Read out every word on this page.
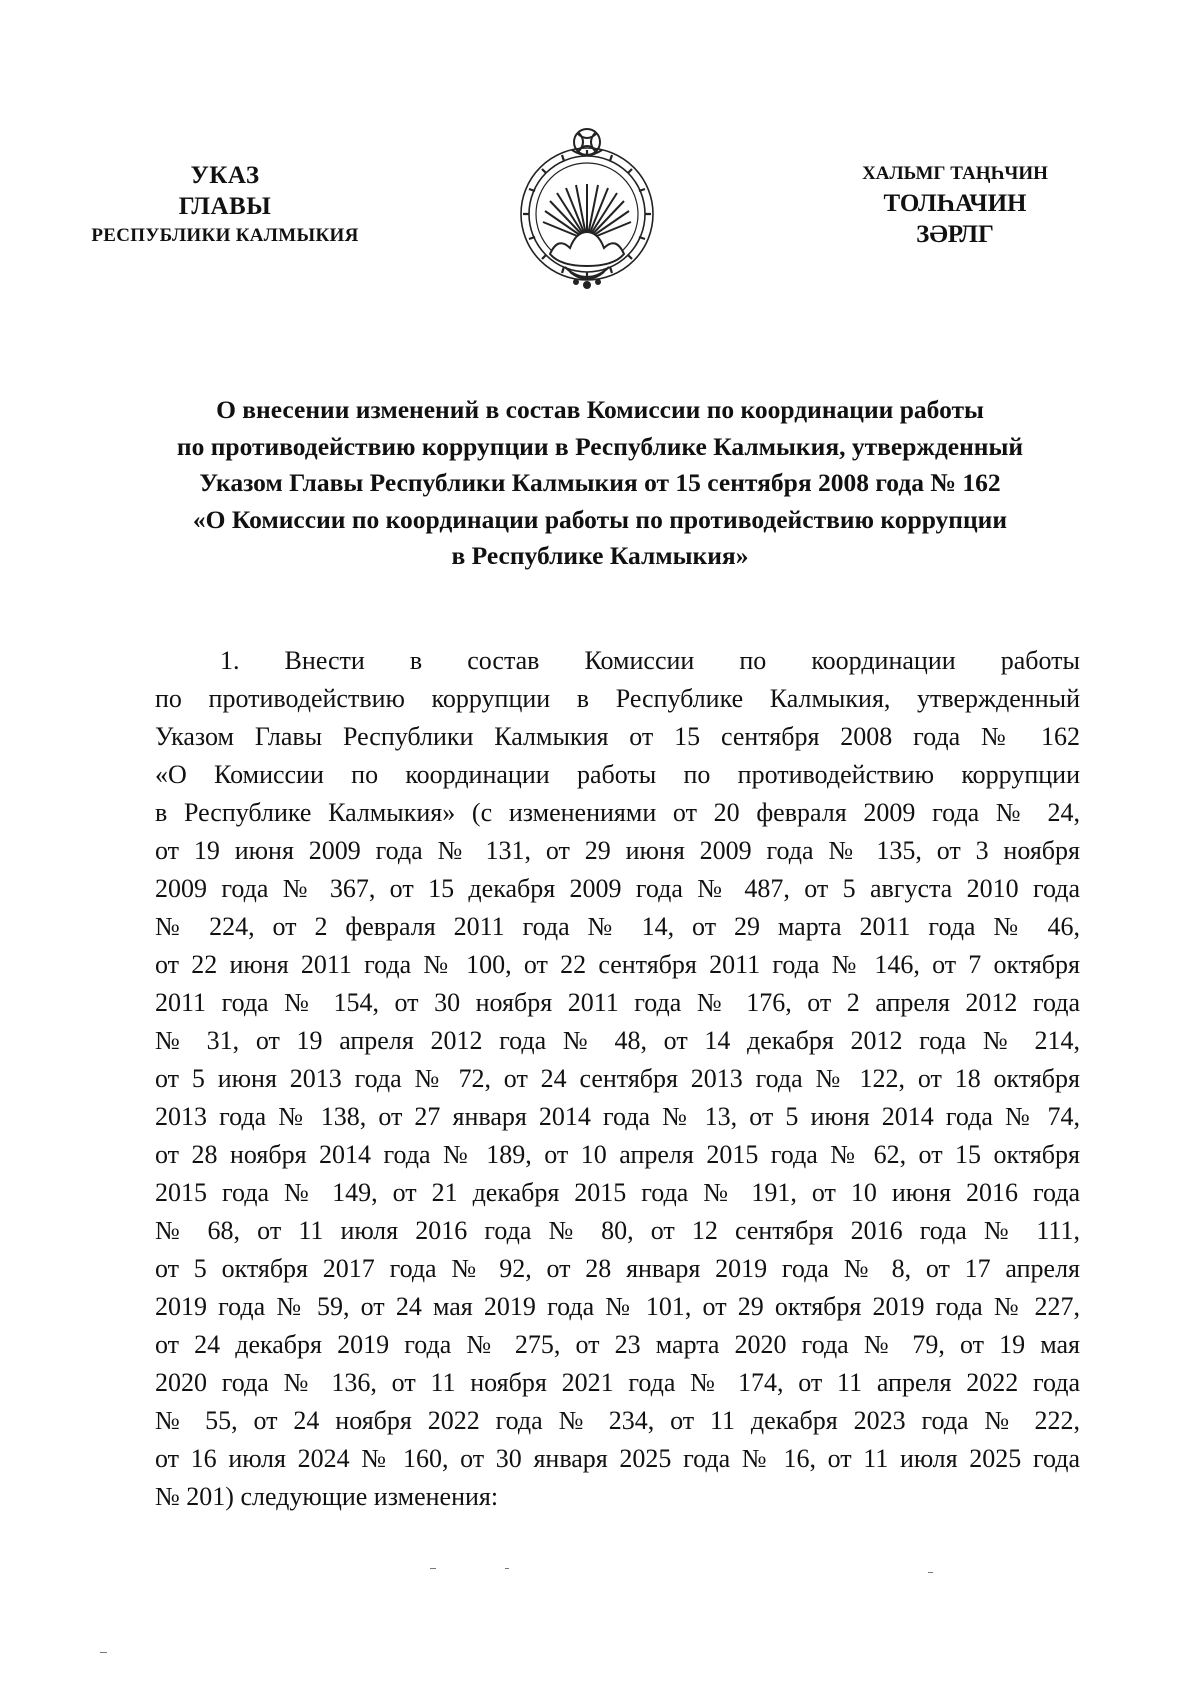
УКАЗ
ГЛАВЫ
РЕСПУБЛИКИ КАЛМЫКИЯ
ХАЛЬМГ ТАҢҺЧИН
ТОЛҺАЧИН
ЗӘРЛГ
О внесении изменений в состав Комиссии по координации работы
по противодействию коррупции в Республике Калмыкия, утвержденный
Указом Главы Республики Калмыкия от 15 сентября 2008 года № 162
«О Комиссии по координации работы по противодействию коррупции
в Республике Калмыкия»
1. Внести в состав Комиссии по координации работы
по противодействию коррупции в Республике Калмыкия, утвержденный
Указом Главы Республики Калмыкия от 15 сентября 2008 года № 162
«О Комиссии по координации работы по противодействию коррупции
в Республике Калмыкия» (с изменениями от 20 февраля 2009 года № 24,
от 19 июня 2009 года № 131, от 29 июня 2009 года № 135, от 3 ноября
2009 года № 367, от 15 декабря 2009 года № 487, от 5 августа 2010 года
№ 224, от 2 февраля 2011 года № 14, от 29 марта 2011 года № 46,
от 22 июня 2011 года № 100, от 22 сентября 2011 года № 146, от 7 октября
2011 года № 154, от 30 ноября 2011 года № 176, от 2 апреля 2012 года
№ 31, от 19 апреля 2012 года № 48, от 14 декабря 2012 года № 214,
от 5 июня 2013 года № 72, от 24 сентября 2013 года № 122, от 18 октября
2013 года № 138, от 27 января 2014 года № 13, от 5 июня 2014 года № 74,
от 28 ноября 2014 года № 189, от 10 апреля 2015 года № 62, от 15 октября
2015 года № 149, от 21 декабря 2015 года № 191, от 10 июня 2016 года
№ 68, от 11 июля 2016 года № 80, от 12 сентября 2016 года № 111,
от 5 октября 2017 года № 92, от 28 января 2019 года № 8, от 17 апреля
2019 года № 59, от 24 мая 2019 года № 101, от 29 октября 2019 года № 227,
от 24 декабря 2019 года № 275, от 23 марта 2020 года № 79, от 19 мая
2020 года № 136, от 11 ноября 2021 года № 174, от 11 апреля 2022 года
№ 55, от 24 ноября 2022 года № 234, от 11 декабря 2023 года № 222,
от 16 июля 2024 № 160, от 30 января 2025 года № 16, от 11 июля 2025 года
№ 201) следующие изменения:
